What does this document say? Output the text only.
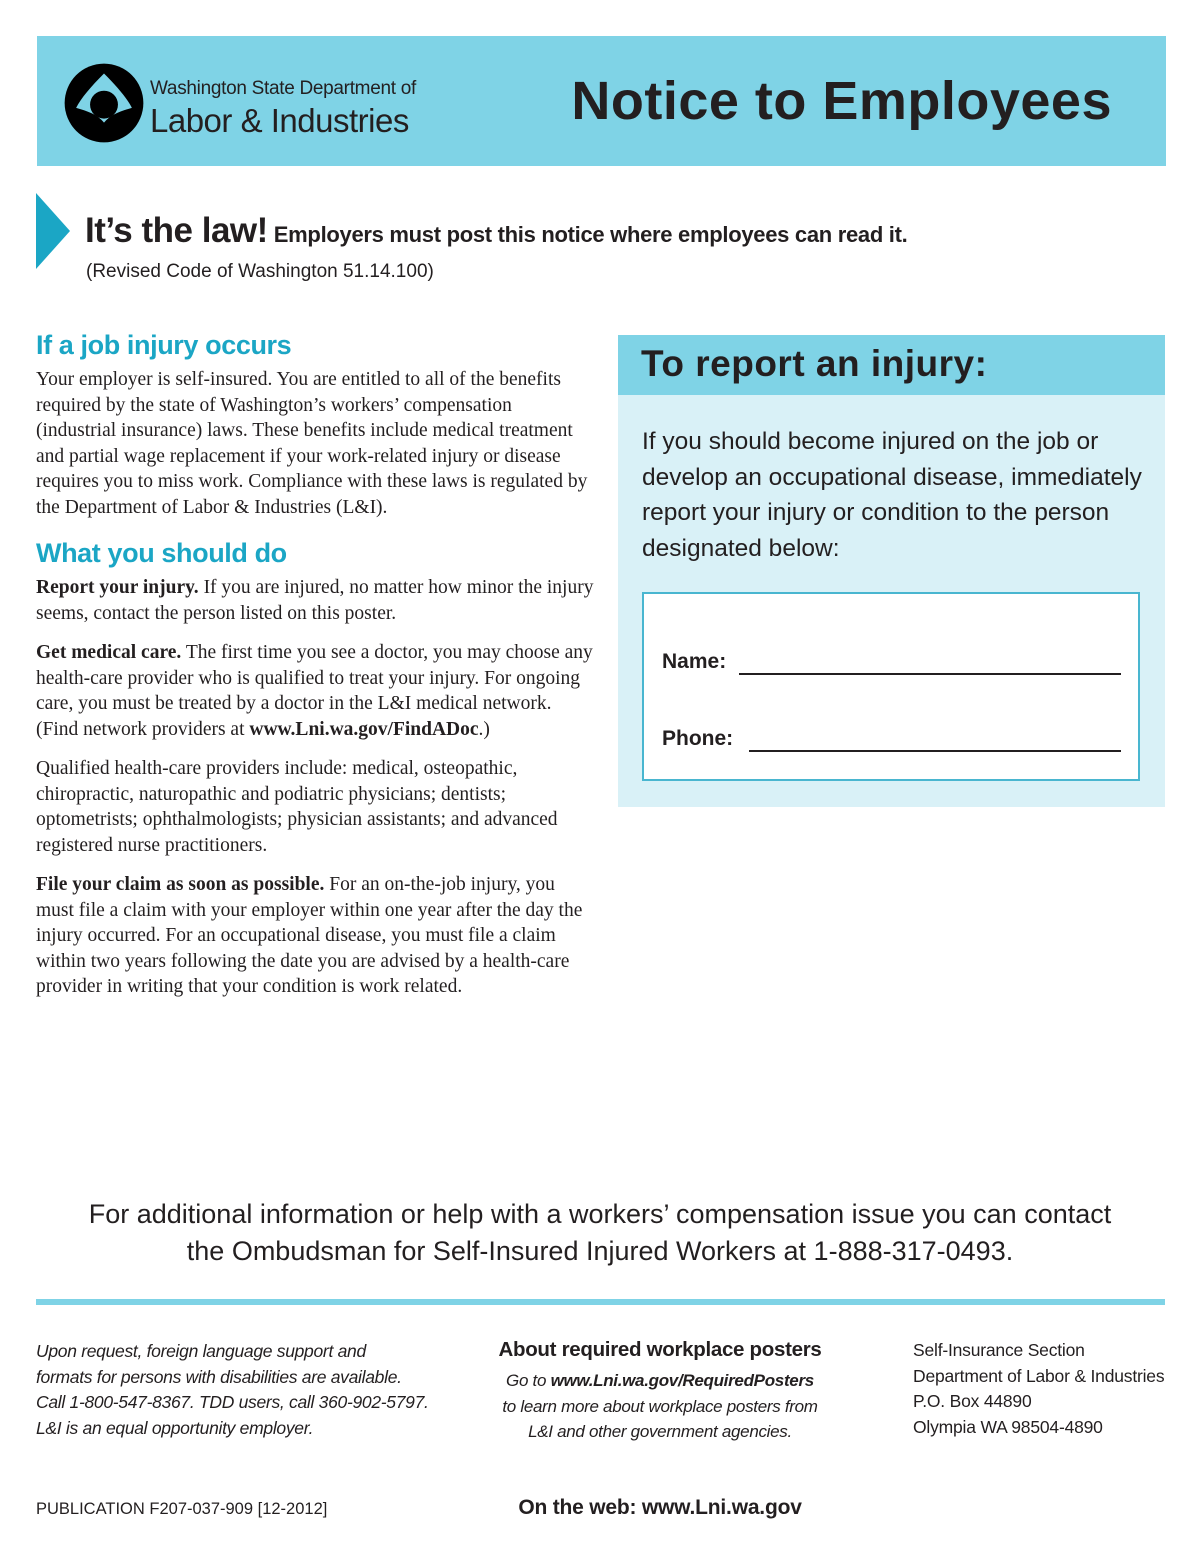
Washington State Department of
Labor & Industries	Notice to Employees
It’s the law! Employers must post this notice where employees can read it.
(Revised Code of Washington 51.14.100)
If a job injury occurs

Your employer is self-insured. You are entitled to all of the benefits required by the state of Washington’s workers’ compensation (industrial insurance) laws. These benefits include medical treatment and partial wage replacement if your work-related injury or disease requires you to miss work. Compliance with these laws is regulated by the Department of Labor & Industries (L&I).

What you should do

Report your injury. If you are injured, no matter how minor the injury seems, contact the person listed on this poster.

Get medical care. The first time you see a doctor, you may choose any health-care provider who is qualified to treat your injury. For ongoing care, you must be treated by a doctor in the L&I medical network. (Find network providers at www.Lni.wa.gov/FindADoc.)

Qualified health-care providers include: medical, osteopathic, chiropractic, naturopathic and podiatric physicians; dentists; optometrists; ophthalmologists; physician assistants; and advanced registered nurse practitioners.

File your claim as soon as possible. For an on-the-job injury, you must file a claim with your employer within one year after the day the injury occurred. For an occupational disease, you must file a claim within two years following the date you are advised by a health-care provider in writing that your condition is work related.

To report an injury:
If you should become injured on the job or develop an occupational disease, immediately report your injury or condition to the person designated below:
Name:
Phone:
For additional information or help with a workers’ compensation issue you can contact
the Ombudsman for Self-Insured Injured Workers at 1-888-317-0493.
Upon request, foreign language support and
formats for persons with disabilities are available.
Call 1-800-547-8367. TDD users, call 360-902-5797.
L&I is an equal opportunity employer.
About required workplace posters
Go to www.Lni.wa.gov/RequiredPosters
to learn more about workplace posters from
L&I and other government agencies.
Self-Insurance Section
Department of Labor & Industries
P.O. Box 44890
Olympia WA 98504-4890
PUBLICATION F207-037-909 [12-2012]	On the web: www.Lni.wa.gov
